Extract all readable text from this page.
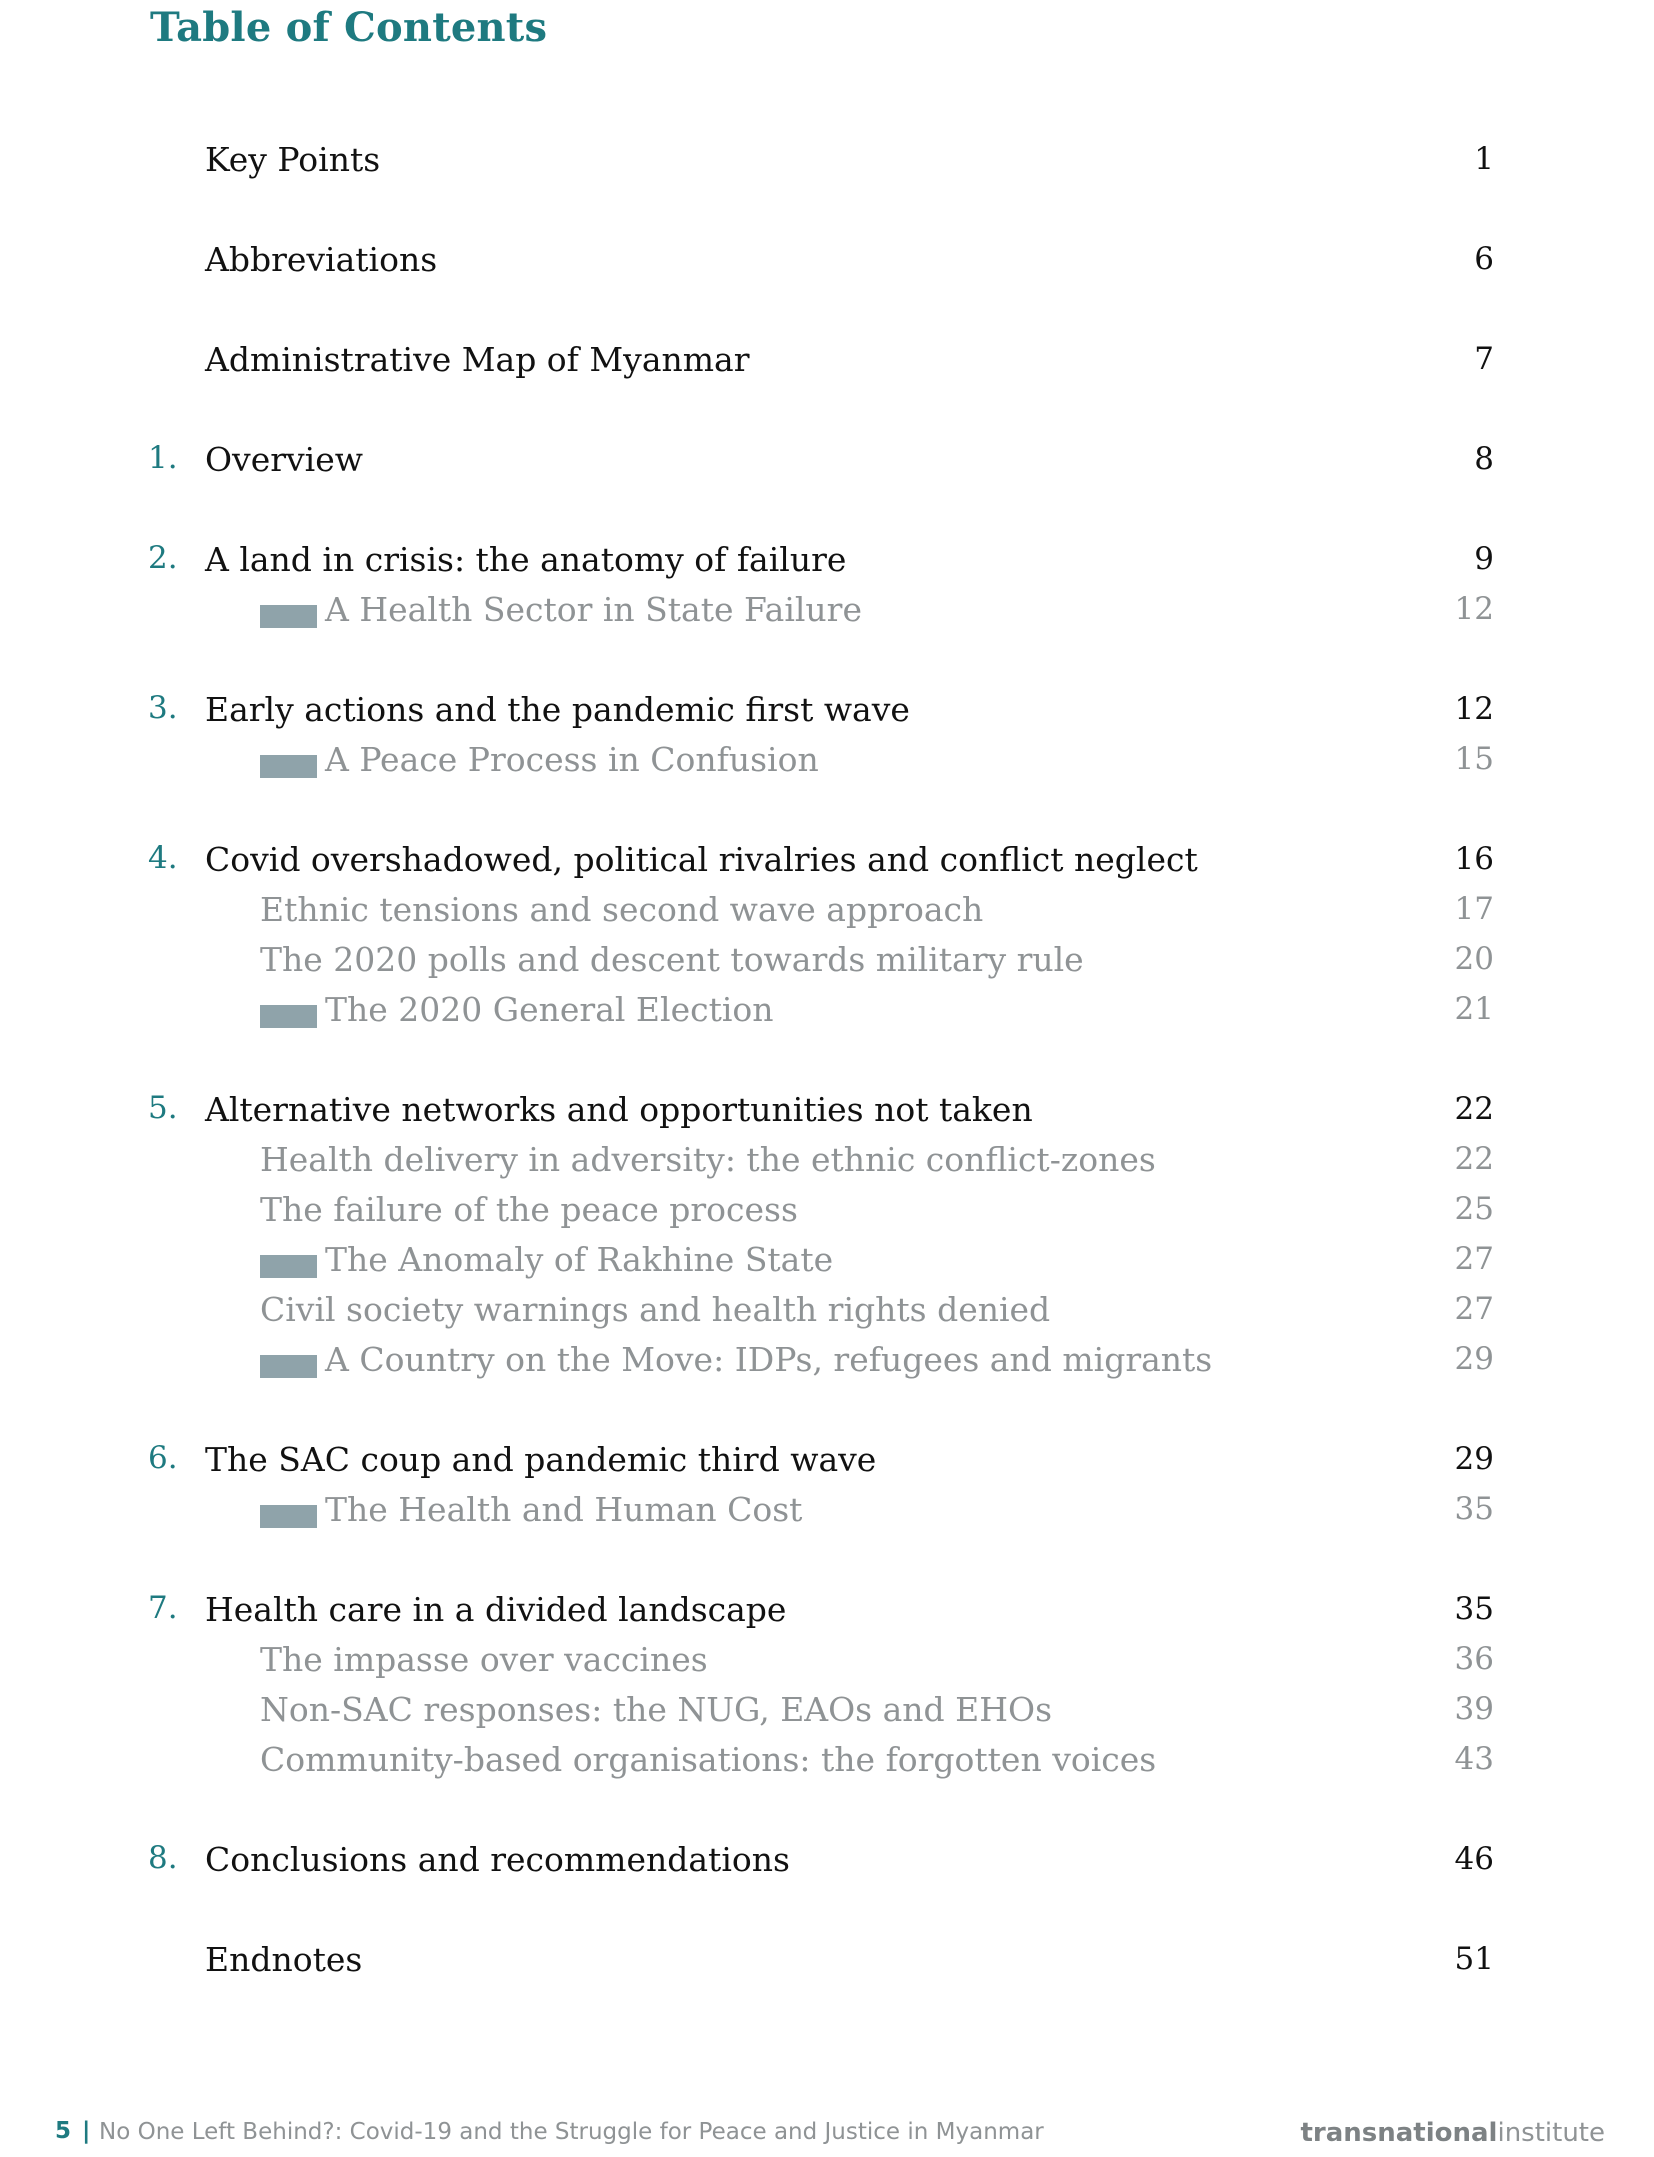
Table of Contents
Key Points	1
Abbreviations	6
Administrative Map of Myanmar	7
1. Overview	8
2. A land in crisis: the anatomy of failure	9
A Health Sector in State Failure	12
3. Early actions and the pandemic first wave	12
A Peace Process in Confusion	15
4. Covid overshadowed, political rivalries and conflict neglect	16
Ethnic tensions and second wave approach	17
The 2020 polls and descent towards military rule	20
The 2020 General Election	21
5. Alternative networks and opportunities not taken	22
Health delivery in adversity: the ethnic conflict-zones	22
The failure of the peace process	25
The Anomaly of Rakhine State	27
Civil society warnings and health rights denied	27
A Country on the Move: IDPs, refugees and migrants	29
6. The SAC coup and pandemic third wave	29
The Health and Human Cost	35
7. Health care in a divided landscape	35
The impasse over vaccines	36
Non-SAC responses: the NUG, EAOs and EHOs	39
Community-based organisations: the forgotten voices	43
8. Conclusions and recommendations	46
Endnotes	51
5 | No One Left Behind?: Covid-19 and the Struggle for Peace and Justice in Myanmar	transnationalinstitute
